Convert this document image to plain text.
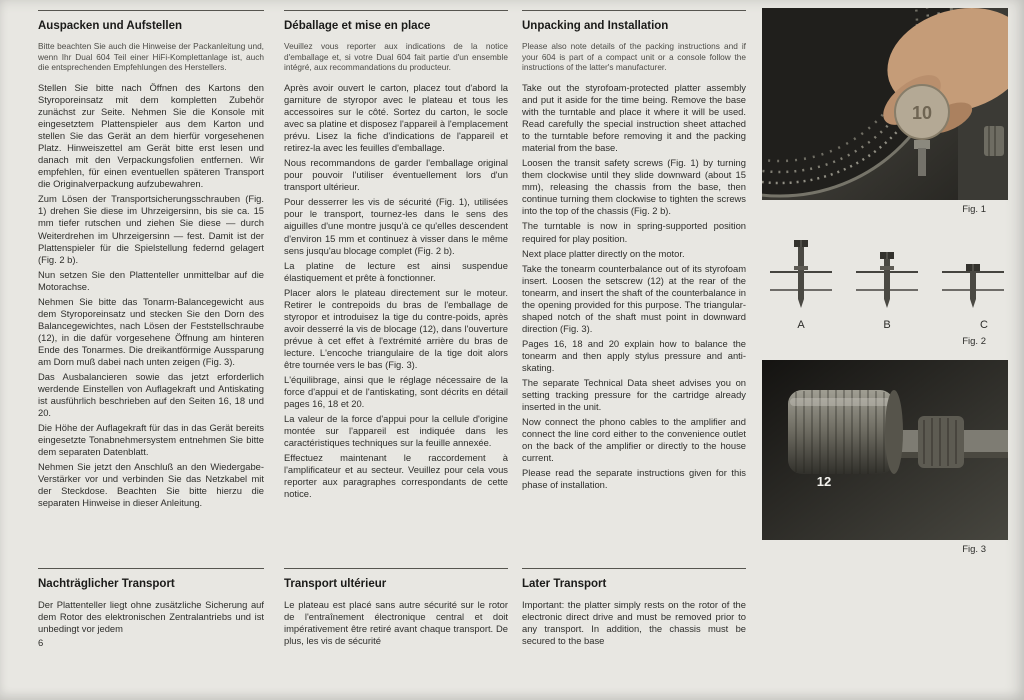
Auspacken und Aufstellen

Bitte beachten Sie auch die Hinweise der Packanleitung und, wenn Ihr Dual 604 Teil einer HiFi-Komplettanlage ist, auch die entsprechenden Empfehlungen des Herstellers.

Stellen Sie bitte nach Öffnen des Kartons den Styroporeinsatz mit dem kompletten Zubehör zunächst zur Seite. Nehmen Sie die Konsole mit eingesetztem Plattenspieler aus dem Karton und stellen Sie das Gerät an dem hierfür vorgesehenen Platz. Hinweiszettel am Gerät bitte erst lesen und danach mit den Verpackungsfolien entfernen. Wir empfehlen, für einen eventuellen späteren Transport die Originalverpackung aufzubewahren.

Zum Lösen der Transportsicherungsschrauben (Fig. 1) drehen Sie diese im Uhrzeigersinn, bis sie ca. 15 mm tiefer rutschen und ziehen Sie diese — durch Weiterdrehen im Uhrzeigersinn — fest. Damit ist der Plattenspieler für die Spielstellung federnd gelagert (Fig. 2 b).

Nun setzen Sie den Plattenteller unmittelbar auf die Motorachse.

Nehmen Sie bitte das Tonarm-Balancegewicht aus dem Styroporeinsatz und stecken Sie den Dorn des Balancegewichtes, nach Lösen der Feststellschraube (12), in die dafür vorgesehene Öffnung am hinteren Ende des Tonarmes. Die dreikantförmige Aussparung am Dorn muß dabei nach unten zeigen (Fig. 3).

Das Ausbalancieren sowie das jetzt erforderlich werdende Einstellen von Auflagekraft und Antiskating ist ausführlich beschrieben auf den Seiten 16, 18 und 20.

Die Höhe der Auflagekraft für das in das Gerät bereits eingesetzte Tonabnehmersystem entnehmen Sie bitte dem separaten Datenblatt.

Nehmen Sie jetzt den Anschluß an den Wiedergabe-Verstärker vor und verbinden Sie das Netzkabel mit der Steckdose. Beachten Sie bitte hierzu die separaten Hinweise in dieser Anleitung.

Déballage et mise en place

Veuillez vous reporter aux indications de la notice d'emballage et, si votre Dual 604 fait partie d'un ensemble intégré, aux recommandations du producteur.

Après avoir ouvert le carton, placez tout d'abord la garniture de styropor avec le plateau et tous les accessoires sur le côté. Sortez du carton, le socle avec sa platine et disposez l'appareil à l'emplacement prévu. Lisez la fiche d'indications de l'appareil et retirez-la avec les feuilles d'emballage.

Nous recommandons de garder l'emballage original pour pouvoir l'utiliser éventuellement lors d'un transport ultérieur.

Pour desserrer les vis de sécurité (Fig. 1), utilisées pour le transport, tournez-les dans le sens des aiguilles d'une montre jusqu'à ce qu'elles descendent d'environ 15 mm et continuez à visser dans le même sens jusqu'au blocage complet (Fig. 2 b).

La platine de lecture est ainsi suspendue élastiquement et prête à fonctionner.

Placer alors le plateau directement sur le moteur. Retirer le contrepoids du bras de l'emballage de styropor et introduisez la tige du contre-poids, après avoir desserré la vis de blocage (12), dans l'ouverture prévue à cet effet à l'extrémité arrière du bras de lecture. L'encoche triangulaire de la tige doit alors être tournée vers le bas (Fig. 3).

L'équilibrage, ainsi que le réglage nécessaire de la force d'appui et de l'antiskating, sont décrits en détail pages 16, 18 et 20.

La valeur de la force d'appui pour la cellule d'origine montée sur l'appareil est indiquée dans les caractéristiques techniques sur la feuille annexée.

Effectuez maintenant le raccordement à l'amplificateur et au secteur. Veuillez pour cela vous reporter aux paragraphes correspondants de cette notice.

Unpacking and Installation

Please also note details of the packing instructions and if your 604 is part of a compact unit or a console follow the instructions of the latter's manufacturer.

Take out the styrofoam-protected platter assembly and put it aside for the time being. Remove the base with the turntable and place it where it will be used. Read carefully the special instruction sheet attached to the turntable before removing it and the packing material from the base.

Loosen the transit safety screws (Fig. 1) by turning them clockwise until they slide downward (about 15 mm), releasing the chassis from the base, then continue turning them clockwise to tighten the screws into the top of the chassis (Fig. 2 b).

The turntable is now in spring-supported position required for play position.

Next place platter directly on the motor.

Take the tonearm counterbalance out of its styrofoam insert. Loosen the setscrew (12) at the rear of the tonearm, and insert the shaft of the counterbalance in the opening provided for this purpose. The triangular-shaped notch of the shaft must point in downward direction (Fig. 3).

Pages 16, 18 and 20 explain how to balance the tonearm and then apply stylus pressure and anti-skating.

The separate Technical Data sheet advises you on setting tracking pressure for the cartridge already inserted in the unit.

Now connect the phono cables to the amplifier and connect the line cord either to the convenience outlet on the back of the amplifier or directly to the house current.

Please read the separate instructions given for this phase of installation.

10
Fig. 1
A	B	C
Fig. 2
12
Fig. 3
Nachträglicher Transport

Der Plattenteller liegt ohne zusätzliche Sicherung auf dem Rotor des elektronischen Zentralantriebs und ist unbedingt vor jedem

Transport ultérieur

Le plateau est placé sans autre sécurité sur le rotor de l'entraînement électronique central et doit impérativement être retiré avant chaque transport. De plus, les vis de sécurité

Later Transport

Important: the platter simply rests on the rotor of the electronic direct drive and must be removed prior to any transport. In addition, the chassis must be secured to the base

6
